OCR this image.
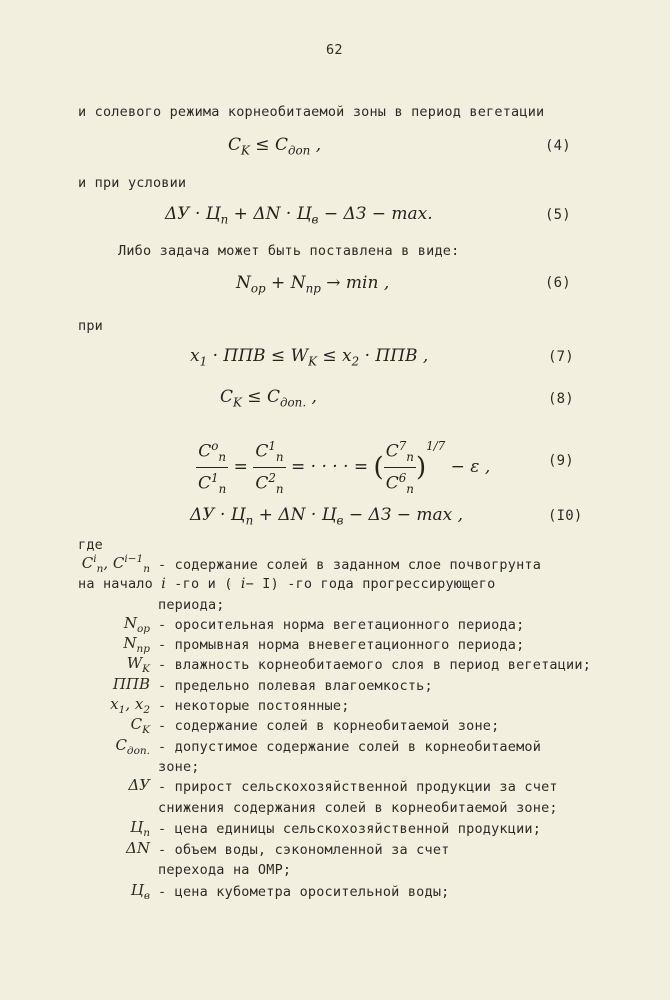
62
и солевого режима корнеобитаемой зоны в период вегетации
$C_K \le C_{доп}$ ,	(4)
и при условии
$\Delta У \cdot Ц_п + \Delta N \cdot Ц_в - \Delta З - \max$.	(5)
Либо задача может быть поставлена в виде:
$N_{ор} + N_{пр} \to \min$ ,	(6)
при
$x_1$ · ППВ ≤ $W_K \le x_2$ · ППВ ,	(7)
$C_K \le C_{доп.}$ ,	(8)
$\frac{C^o_п}{C^1_п} = \frac{C^1_п}{C^2_п}$ = · · · · = ( $\frac{C^7_п}{C^6_п} )^{1/7} - \varepsilon$ ,	(9)
$\Delta У \cdot Ц_п + \Delta N \cdot Ц_в - \Delta З - \max$ ,	(I0)
где
$C^i_п$, $C^{i-1}_п$ - содержание солей в заданном слое почвогрунта
на начало i -го и ( i− I) -го года прогрессирующего
периода;
$N_{ор}$ - оросительная норма вегетационного периода;
$N_{пр}$ - промывная норма вневегетационного периода;
$W_K$ - влажность корнеобитаемого слоя в период вегетации;
ППВ - предельно полевая влагоемкость;
$x_1$, $x_2$ - некоторые постоянные;
$C_K$ - содержание солей в корнеобитаемой зоне;
$C_{доп.}$ - допустимое содержание солей в корнеобитаемой
зоне;
ΔУ - прирост сельскохозяйственной продукции за счет
снижения содержания солей в корнеобитаемой зоне;
$Ц_п$ - цена единицы сельскохозяйственной продукции;
ΔN - объем воды, сэкономленной за счет
перехода на ОМР;
$Ц_в$ - цена кубометра оросительной воды;
